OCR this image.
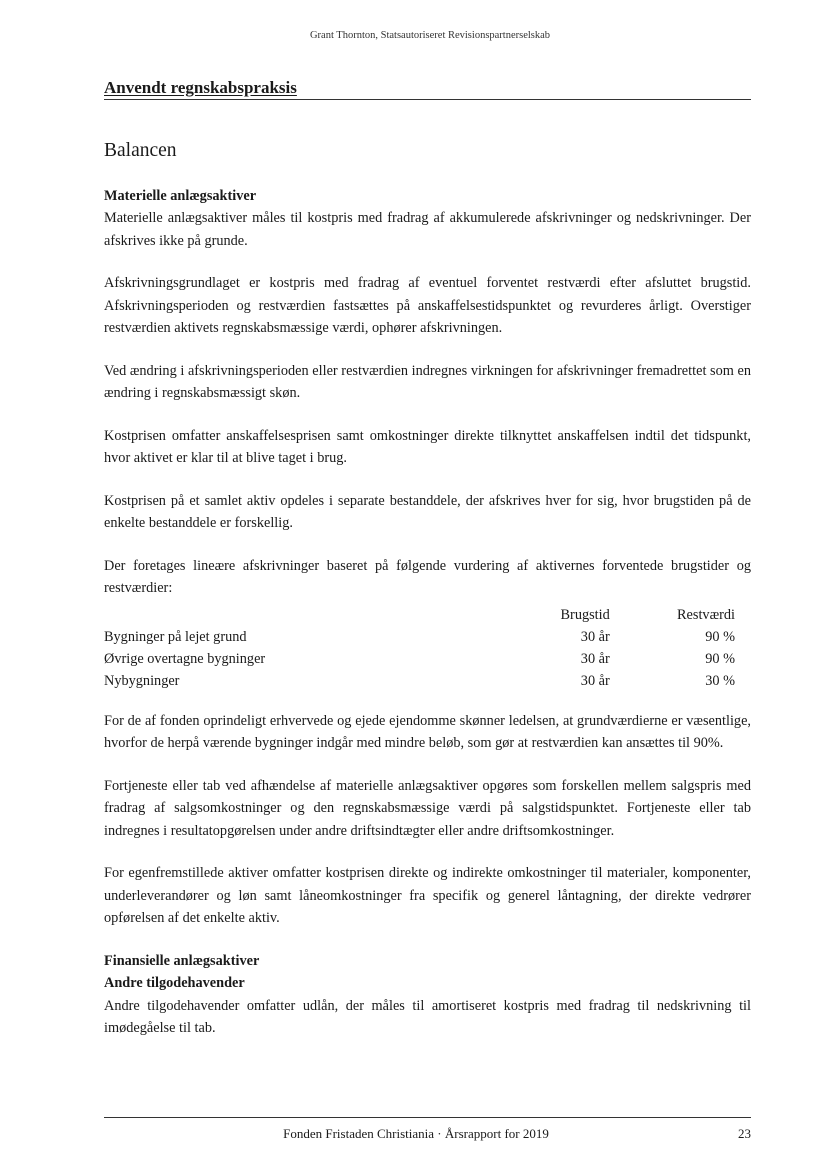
Grant Thornton, Statsautoriseret Revisionspartnerselskab
Anvendt regnskabspraksis
Balancen
Materielle anlægsaktiver

Materielle anlægsaktiver måles til kostpris med fradrag af akkumulerede afskrivninger og nedskrivninger. Der afskrives ikke på grunde.

Afskrivningsgrundlaget er kostpris med fradrag af eventuel forventet restværdi efter afsluttet brugstid. Afskrivningsperioden og restværdien fastsættes på anskaffelsestidspunktet og revurderes årligt. Overstiger restværdien aktivets regnskabsmæssige værdi, ophører afskrivningen.

Ved ændring i afskrivningsperioden eller restværdien indregnes virkningen for afskrivninger fremadrettet som en ændring i regnskabsmæssigt skøn.

Kostprisen omfatter anskaffelsesprisen samt omkostninger direkte tilknyttet anskaffelsen indtil det tidspunkt, hvor aktivet er klar til at blive taget i brug.

Kostprisen på et samlet aktiv opdeles i separate bestanddele, der afskrives hver for sig, hvor brugstiden på de enkelte bestanddele er forskellig.

Der foretages lineære afskrivninger baseret på følgende vurdering af aktivernes forventede brugstider og restværdier:

	Brugstid	Restværdi
Bygninger på lejet grund	30 år	90 %
Øvrige overtagne bygninger	30 år	90 %
Nybygninger	30 år	30 %

For de af fonden oprindeligt erhvervede og ejede ejendomme skønner ledelsen, at grundværdierne er væsentlige, hvorfor de herpå værende bygninger indgår med mindre beløb, som gør at restværdien kan ansættes til 90%.

Fortjeneste eller tab ved afhændelse af materielle anlægsaktiver opgøres som forskellen mellem salgspris med fradrag af salgsomkostninger og den regnskabsmæssige værdi på salgstidspunktet. Fortjeneste eller tab indregnes i resultatopgørelsen under andre driftsindtægter eller andre driftsomkostninger.

For egenfremstillede aktiver omfatter kostprisen direkte og indirekte omkostninger til materialer, komponenter, underleverandører og løn samt låneomkostninger fra specifik og generel låntagning, der direkte vedrører opførelsen af det enkelte aktiv.

Finansielle anlægsaktiver
Andre tilgodehavender

Andre tilgodehavender omfatter udlån, der måles til amortiseret kostpris med fradrag til nedskrivning til imødegåelse til tab.

Fonden Fristaden Christiania · Årsrapport for 2019	23
